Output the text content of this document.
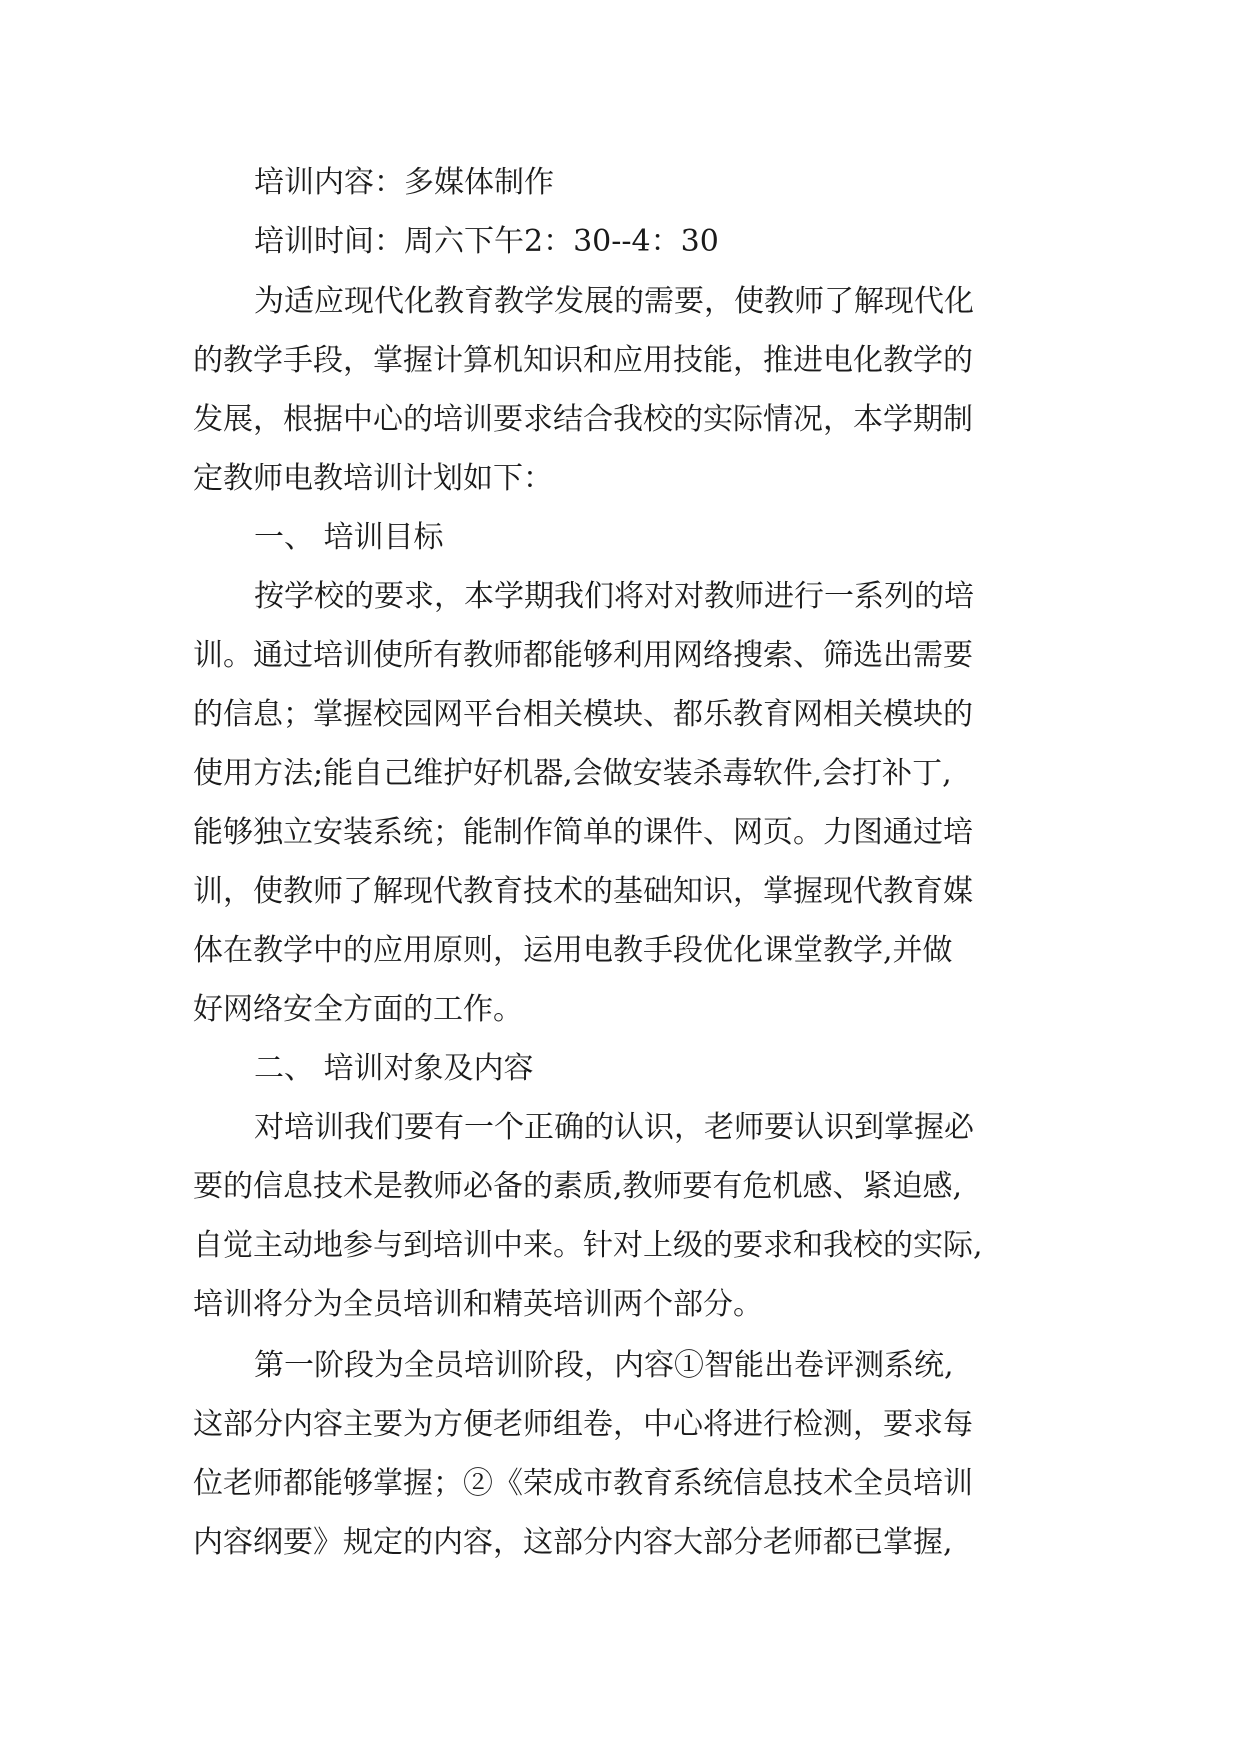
培训内容：多媒体制作
培训时间：周六下午2：30--4：30
为适应现代化教育教学发展的需要，使教师了解现代化
的教学手段，掌握计算机知识和应用技能，推进电化教学的
发展，根据中心的培训要求结合我校的实际情况，本学期制
定教师电教培训计划如下：
一、 培训目标
按学校的要求，本学期我们将对对教师进行一系列的培
训。通过培训使所有教师都能够利用网络搜索、筛选出需要
的信息；掌握校园网平台相关模块、都乐教育网相关模块的
使用方法;能自己维护好机器,会做安装杀毒软件,会打补丁,
能够独立安装系统；能制作简单的课件、网页。力图通过培
训，使教师了解现代教育技术的基础知识，掌握现代教育媒
体在教学中的应用原则，运用电教手段优化课堂教学,并做
好网络安全方面的工作。
二、 培训对象及内容
对培训我们要有一个正确的认识，老师要认识到掌握必
要的信息技术是教师必备的素质,教师要有危机感、紧迫感,
自觉主动地参与到培训中来。针对上级的要求和我校的实际,
培训将分为全员培训和精英培训两个部分。
第一阶段为全员培训阶段，内容①智能出卷评测系统,
这部分内容主要为方便老师组卷，中心将进行检测，要求每
位老师都能够掌握；②《荣成市教育系统信息技术全员培训
内容纲要》规定的内容，这部分内容大部分老师都已掌握,
